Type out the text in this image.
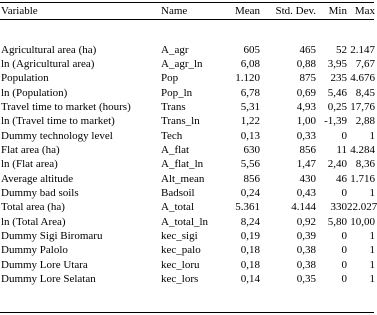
Variable	Name	Mean	Std. Dev.	Min	Max

Agricultural area (ha)	A_agr	605	465	52	2.147
ln (Agricultural area)	A_agr_ln	6,08	0,88	3,95	7,67
Population	Pop	1.120	875	235	4.676
ln (Population)	Pop_ln	6,78	0,69	5,46	8,45
Travel time to market (hours)	Trans	5,31	4,93	0,25	17,76
ln (Travel time to market)	Trans_ln	1,22	1,00	-1,39	2,88
Dummy technology level	Tech	0,13	0,33	0	1
Flat area (ha)	A_flat	630	856	11	4.284
ln (Flat area)	A_flat_ln	5,56	1,47	2,40	8,36
Average altitude	Alt_mean	856	430	46	1.716
Dummy bad soils	Badsoil	0,24	0,43	0	1
Total area (ha)	A_total	5.361	4.144	330	22.027
ln (Total Area)	A_total_ln	8,24	0,92	5,80	10,00
Dummy Sigi Biromaru	kec_sigi	0,19	0,39	0	1
Dummy Palolo	kec_palo	0,18	0,38	0	1
Dummy Lore Utara	kec_loru	0,18	0,38	0	1
Dummy Lore Selatan	kec_lors	0,14	0,35	0	1
